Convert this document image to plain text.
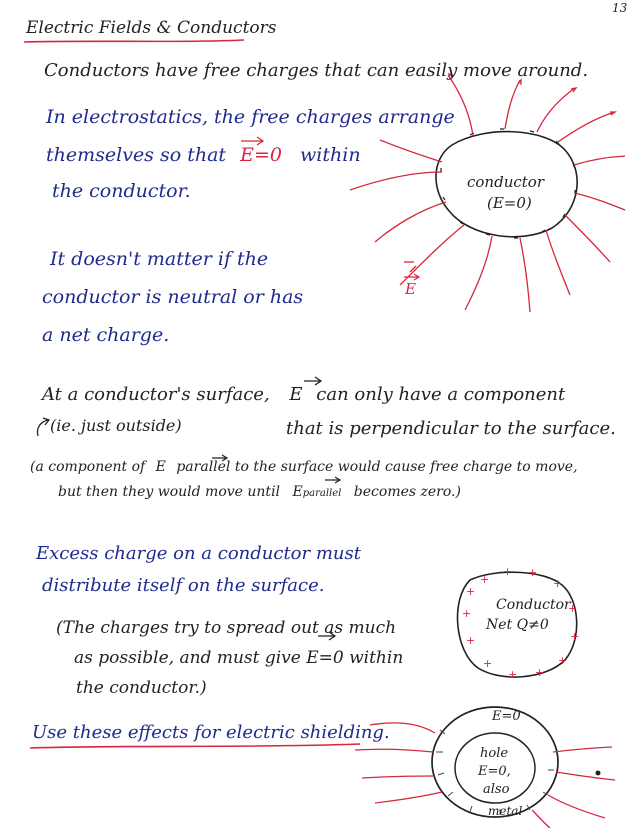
+
+ +
+
+
+
+
+
+
+
+
+
+
13
Electric Fields & Conductors
Conductors have free charges that can easily move around.
In electrostatics, the free charges arrange
themselves so that E=0 within
the conductor.	conductor
(E=0)
E
It doesn't matter if the
conductor is neutral or has
a net charge.
At a conductor's surface, E can only have a component
(ie. just outside)	that is perpendicular to the surface.
(a component of E parallel to the surface would cause free charge to move,
but then they would move until Eparallel becomes zero.)
Excess charge on a conductor must
distribute itself on the surface.
(The charges try to spread out as much
as possible, and must give E=0 within
the conductor.)
Conductor
Net Q≠0
Use these effects for electric shielding.
E=0
hole
E=0,
also
metal
